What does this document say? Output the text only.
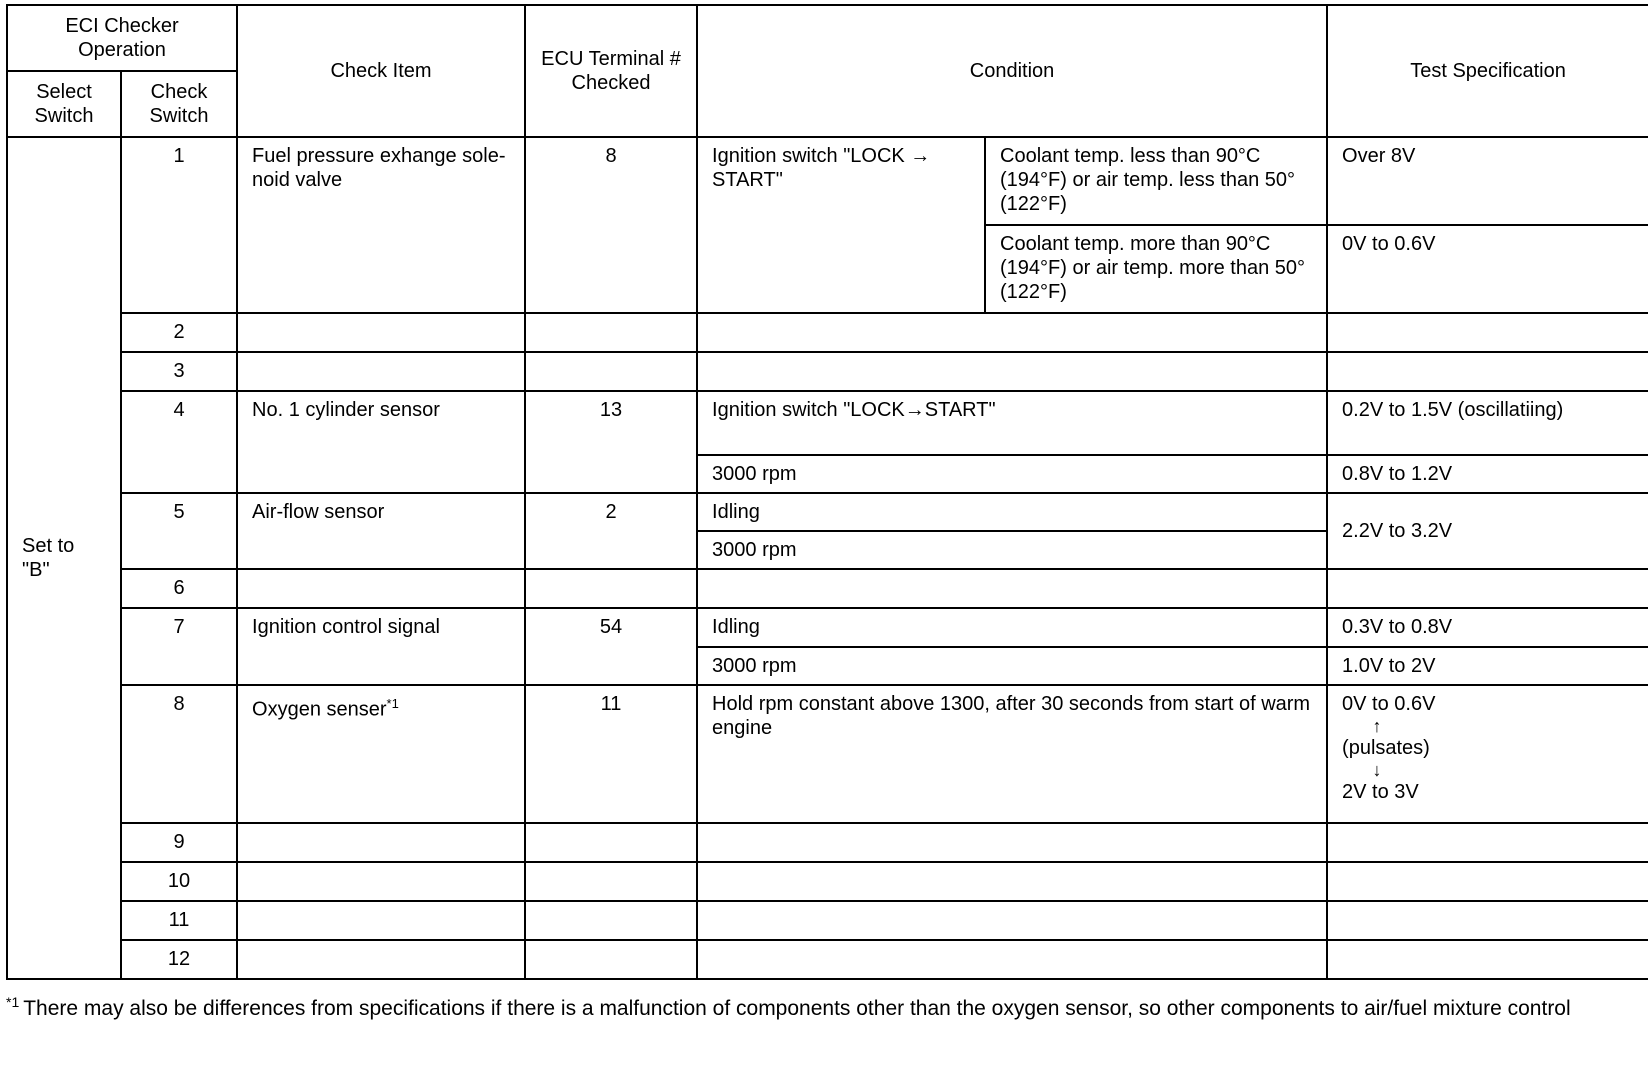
ECI Checker Operation		Check Item	ECU Terminal # Checked	Condition		Test Specification
Select Switch	Check Switch					
Set to "B"	1	Fuel pressure exhange sole-noid valve	8	Ignition switch "LOCK → START"	Coolant temp. less than 90°C (194°F) or air temp. less than 50° (122°F)	Over 8V
					Coolant temp. more than 90°C (194°F) or air temp. more than 50° (122°F)	0V to 0.6V
	2					
	3					
	4	No. 1 cylinder sensor	13	Ignition switch "LOCK→START"		0.2V to 1.5V (oscillatiing)
				3000 rpm		0.8V to 1.2V
	5	Air-flow sensor	2	Idling		2.2V to 3.2V
				3000 rpm		
	6					
	7	Ignition control signal	54	Idling		0.3V to 0.8V
				3000 rpm		1.0V to 2V
	8	Oxygen senser$^{*1}$	11	Hold rpm constant above 1300, after 30 seconds from start of warm engine		0V to 0.6V
↑
(pulsates)
↓
2V to 3V

	9					
	10					
	11					
	12					
$^{*1}$ There may also be differences from specifications if there is a malfunction of components other than the oxygen sensor, so other components to air/fuel mixture control
